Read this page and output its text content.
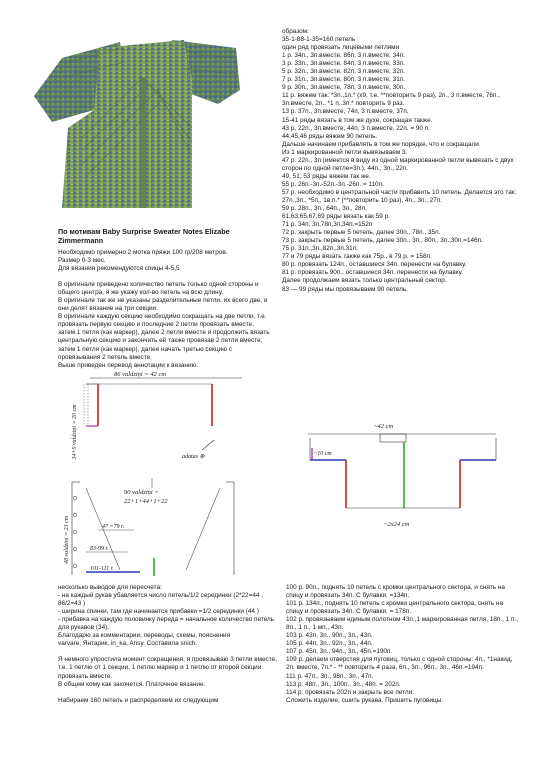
По мотивам Baby Surprise Sweater Notes Elizabe Zimmermann

Необходимо примерно 2 мотка пряжи 100 гр/208 метров.

Размер 0-3 мес.

Для вязания рекомендуются спицы 4-5,5

В оригинале приведено количество петель только одной стороны и общего центра, я же укажу кол-во петель на всю длину.

В оригинале так же не указаны разделительные петли, их всего две, и они делят вязание на три секции.

В оригинале каждую секцию необходимо сокращать на две петли, т.е. провязать первую секцию и последние 2 петли провязать вместе, затем 1 петля (как маркер), далее 2 петли вместе и продолжить вязать центральную секцию и закончить её также провязав 2 петли вместе, затем 1 петля (как маркер), далее начать третью секцию с провязывания 2 петель вместе.

Выше приведен перевод аннотации к вязанию.

образом:

35-1-88-1-35=160 петель

один ряд провязать лицевыми петлями

1 р. 34п., 3п.вместе, 86п, 3 п.вместе, 34п.

3 р. 33п., 3п.вместе, 84п, 3 п.вместе, 33п.

5 р. 32п., 3п.вместе, 82п, 3 п.вместе, 32п.

7 р. 31п., 3п.вместе, 80п, 3 п.вместе, 31п.

9 р. 30п., 3п.вместе, 78п, 3 п.вместе, 30п.

11 р. вяжем так: *3п.,1п.* (х9, т.е. **повторить 9 раз), 2п., 3 п.вместе, 76п., 3п.вместе, 2п., *1 п.,3п.* повторить 9 раз.

13 р. 37п., 3п.вместе, 74п, 3 п.вместе, 37п.

15-41 ряды вязать в том же духе, сокращая также.

43 р. 22п., 3п.вместе, 44п, 3 п.вместе, 22п. = 90 п.

44,45,46 ряды вяжем 90 петель.

Дальше начинаем прибавлять в том же порядке, что и сокращали.

Из 1 маркированной петли вывязываем 3.

47 р. 22п., 3п.(имеется в виду из одной маркированной петли вывязать с двух сторон по одной петле=3п.), 44п., 3п., 22п.

49, 51, 53 ряды вяжем так же.

55 р. 26п.-3п.-52п.-3п.-26п. = 110п.

57 р. необходимо в центральной части прибавить 10 петель. Делается это так: 27п.,3п., *5п., 1в.п.* (**повторить 10 раз), 4п., 3п., 27п.

59 р. 28п., 3п., 64п., 3п., 28п.

61,63,65,67,69 ряды вязать как 59 р.

71 р. 34п, 3п,78п,3п,34п.=152п

72 р. закрыть первые 5 петель, далее 30п., 78п., 35п.

73 р. закрыть первые 5 петель, далее 30п., 3п., 80п., 3п.,30п.=146п.

75 р. 31п.,3п.,82п.,3п.31п.

77 и 79 ряды вязать также как 75р., в 79 р. = 158п.

80 р. провязать 124п., оставшиеся 34п. перенести на булавку.

81 р. провязать 90п., оставшиеся 34п. перенести на булавку.

Далее продолжаем вязать только центральный сектор.

83 — 99 ряды мы провязываем 90 петель.

86 valdziņi = 42 cm
34+9 valdziņi = 20 cm	adatas ⊗
48 valdziņi = 23 cm
90 valdziņi =
22+1+44+1+22
47 =79 r.
83-99 r.
101-111 r.
~42 cm
~10 cm
~2x24 cm

несколько выводов для пересчета:

- на каждый рукав убавляется число петель/1/2 серединки (2*22=44 , 86/2=43 )

- ширина спинки, там где начинается прибавки =1/2 серединки (44 )

- прибавка на каждую половинку переда = начальное количество петель для рукавов (34).

Благодарю за комментарии, переводы, схемы, пояснения

varvare, Янтарик, in_ka, Ansy. Составила snich.

Я немного упростила момент сокращения, я провязываю 3 петли вместе, т.е. 1 петлю от 1 секции, 1 петлю маркер и 1 петлю от второй секции провязать вместе.

В общем кому как захочется. Платочное вязание.

Набираем 160 петель и распределяем их следующим

100 р. 90п., поднять 10 петель с кромки центрального сектора, и снять на спицу и провязать 34п. С булавки. =134п.

101 р. 134п., поднять 10 петель с кромки центрального сектора, снять на спицу и провязать 34п. С булавки. = 178п.

102 р. провязываем единым полотном 43п.,1 маркированная петля, 18п., 1 п., 8п., 1 п., 1 мп., 43п.

103 р. 43п, 3п., 90п., 3п., 43п.

105 р. 44п, 3п., 92п., 3п., 44п.

107 р. 45п, 3п., 94п., 3п., 45п.=190п.

109 р. делаем отверстия для пуговиц, только с одной стороны: 4п., *1накид, 2п. вместе, 7п.* - ** повторить 4 раза, 6п., 3п., 96п., 3п., 46п.=194п.

111 р. 47п., 3п., 98п., 3п., 47п.

113 р. 48п., 3п., 100п., 3п., 48п. = 202п.

114 р. провязать 202п и закрыть все петли.

Сложить изделие, сшить рукава. Пришить пуговицы.
